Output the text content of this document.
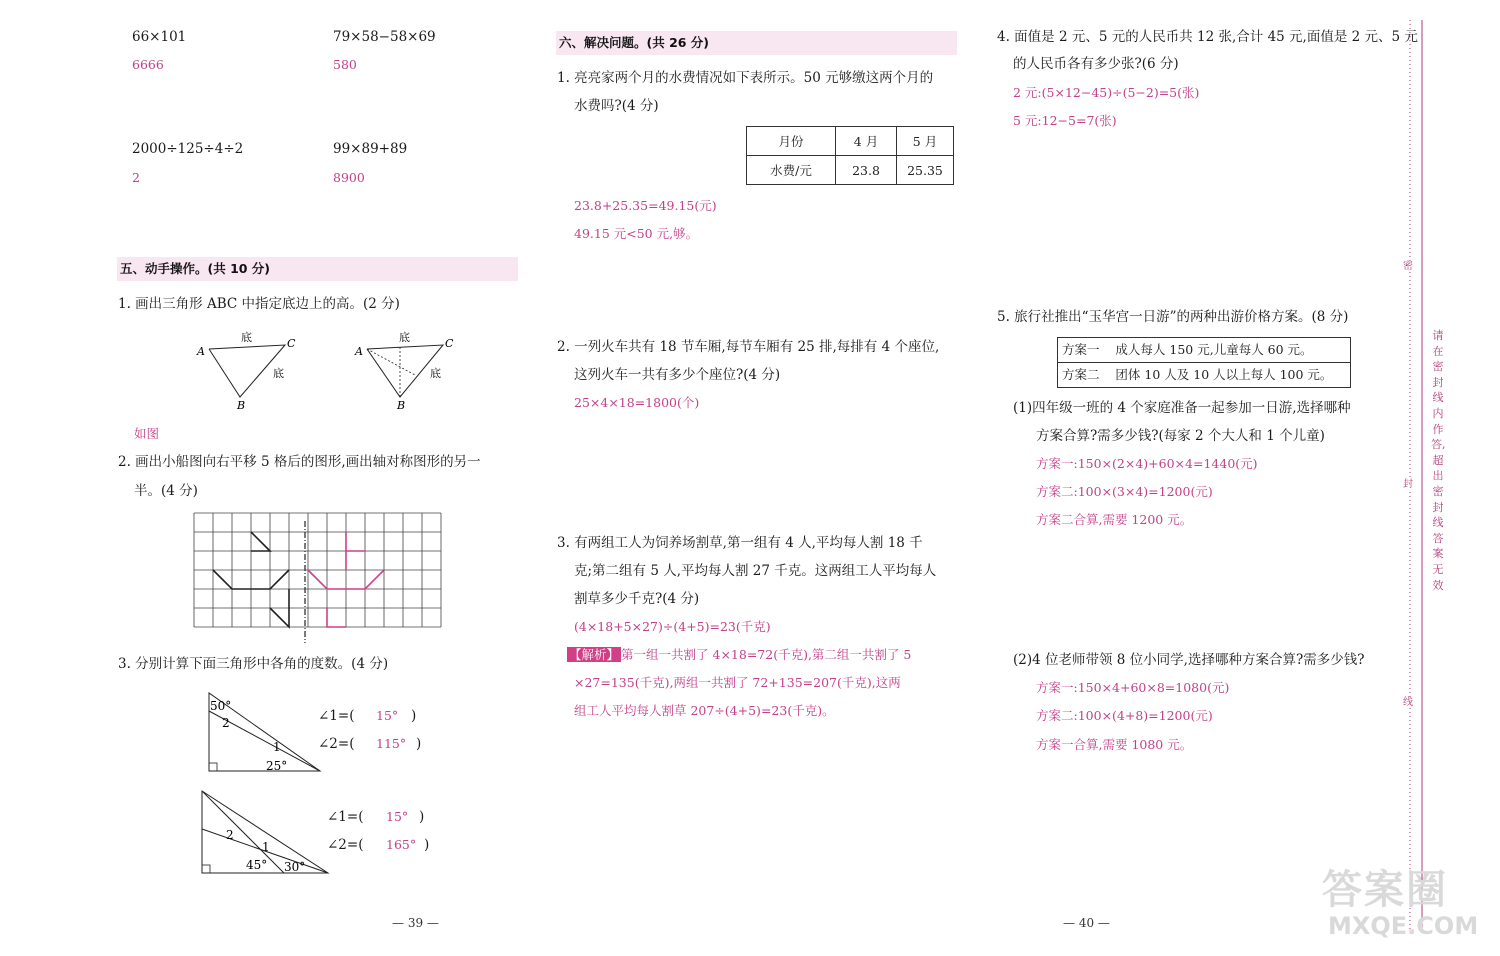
66×101	79×58−58×69
6666	580
2000÷125÷4÷2	99×89+89
2	8900
五、动手操作。(共 10 分)
1. 画出三角形 ABC 中指定底边上的高。(2 分)
A
C
B
底
底
A
C
B
底
底
如图
2. 画出小船图向右平移 5 格后的图形,画出轴对称图形的另一
半。(4 分)
3. 分别计算下面三角形中各角的度数。(4 分)
50°
2
1
25°
∠1=( 15° )
∠2=( 115° )
2
1
45° 30°
∠1=( 15° )
∠2=( 165° )
— 39 —
六、解决问题。(共 26 分)
1. 亮亮家两个月的水费情况如下表所示。50 元够缴这两个月的
水费吗?(4 分)
月份	4 月	5 月
水费/元	23.8	25.35
23.8+25.35=49.15(元)
49.15 元<50 元,够。
2. 一列火车共有 18 节车厢,每节车厢有 25 排,每排有 4 个座位,
这列火车一共有多少个座位?(4 分)
25×4×18=1800(个)
3. 有两组工人为饲养场割草,第一组有 4 人,平均每人割 18 千
克;第二组有 5 人,平均每人割 27 千克。这两组工人平均每人
割草多少千克?(4 分)
(4×18+5×27)÷(4+5)=23(千克)
【解析】 第一组一共割了 4×18=72(千克),第二组一共割了 5
×27=135(千克),两组一共割了 72+135=207(千克),这两
组工人平均每人割草 207÷(4+5)=23(千克)。
4. 面值是 2 元、5 元的人民币共 12 张,合计 45 元,面值是 2 元、5 元
的人民币各有多少张?(6 分)
2 元:(5×12−45)÷(5−2)=5(张)
5 元:12−5=7(张)
5. 旅行社推出“玉华宫一日游”的两种出游价格方案。(8 分)
方案一 成人每人 150 元,儿童每人 60 元。
方案二 团体 10 人及 10 人以上每人 100 元。
(1)四年级一班的 4 个家庭准备一起参加一日游,选择哪种
方案合算?需多少钱?(每家 2 个大人和 1 个儿童)
方案一:150×(2×4)+60×4=1440(元)
方案二:100×(3×4)=1200(元)
方案二合算,需要 1200 元。
(2)4 位老师带领 8 位小同学,选择哪种方案合算?需多少钱?
方案一:150×4+60×8=1080(元)
方案二:100×(4+8)=1200(元)
方案一合算,需要 1080 元。
— 40 —
密
封
线
请在密封线内作答,超出密封线答案无效
答案圈
MXQE.COM
